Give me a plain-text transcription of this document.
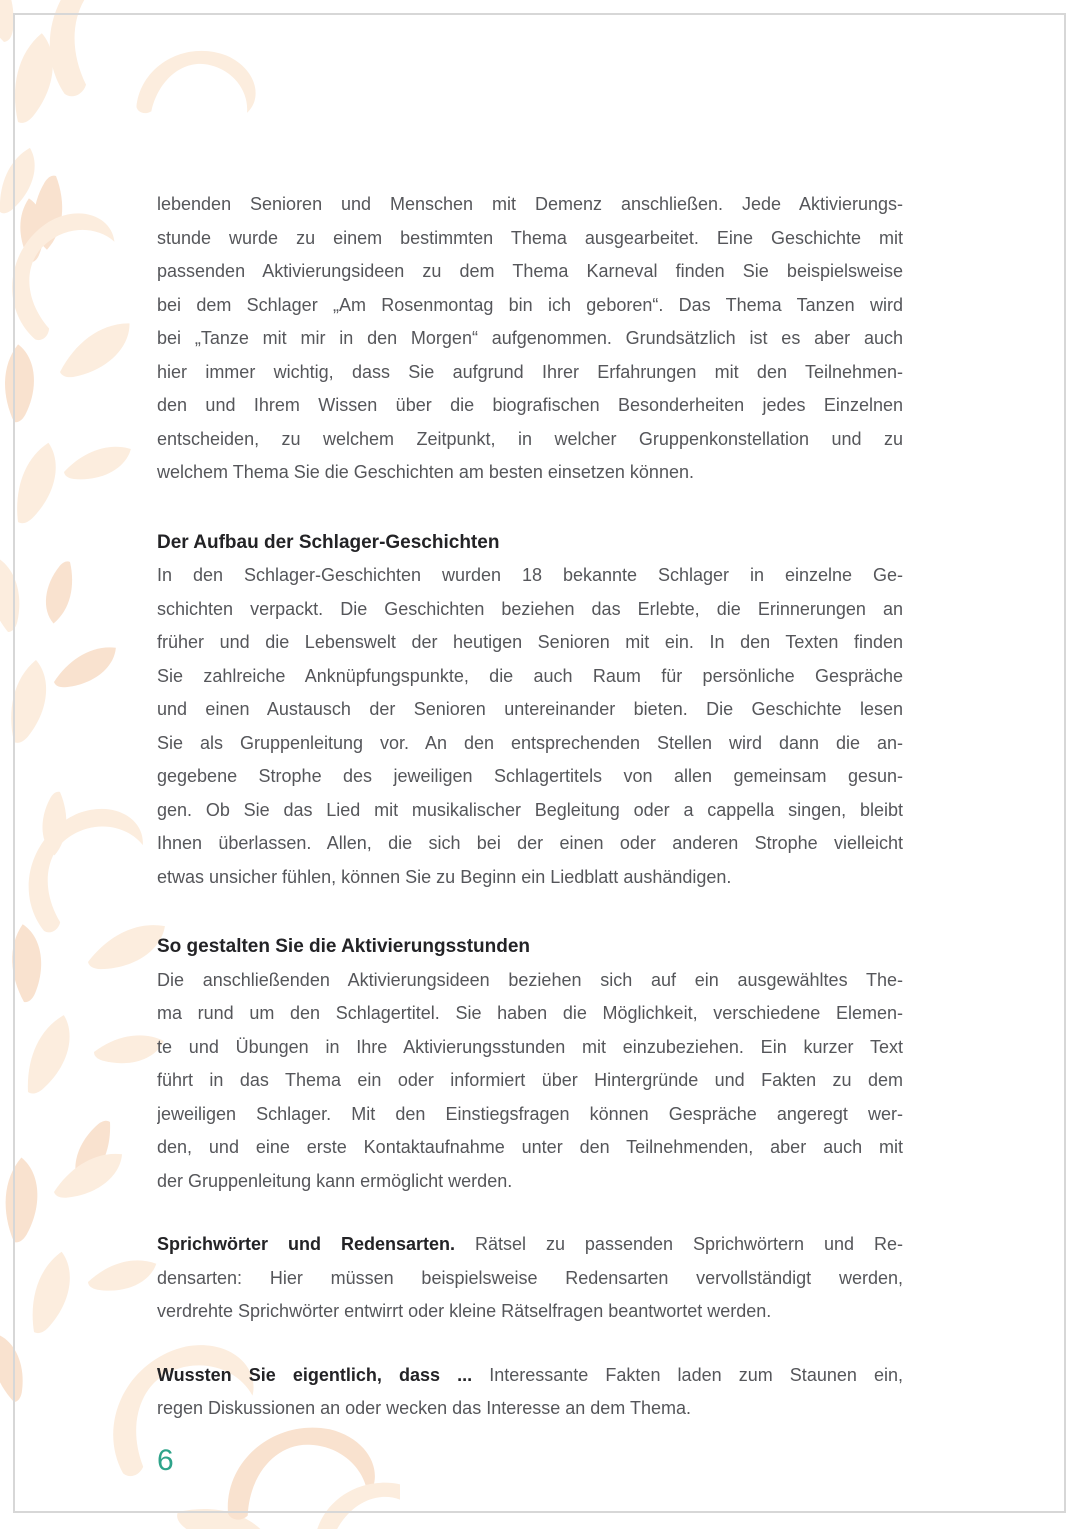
lebenden Senioren und Menschen mit Demenz anschließen. Jede Aktivierungs-
stunde wurde zu einem bestimmten Thema ausgearbeitet. Eine Geschichte mit
passenden Aktivierungsideen zu dem Thema Karneval finden Sie beispielsweise
bei dem Schlager „Am Rosenmontag bin ich geboren“. Das Thema Tanzen wird
bei „Tanze mit mir in den Morgen“ aufgenommen. Grundsätzlich ist es aber auch
hier immer wichtig, dass Sie aufgrund Ihrer Erfahrungen mit den Teilnehmen-
den und Ihrem Wissen über die biografischen Besonderheiten jedes Einzelnen
entscheiden, zu welchem Zeitpunkt, in welcher Gruppenkonstellation und zu
welchem Thema Sie die Geschichten am besten einsetzen können.
Der Aufbau der Schlager-Geschichten
In den Schlager-Geschichten wurden 18 bekannte Schlager in einzelne Ge-
schichten verpackt. Die Geschichten beziehen das Erlebte, die Erinnerungen an
früher und die Lebenswelt der heutigen Senioren mit ein. In den Texten finden
Sie zahlreiche Anknüpfungspunkte, die auch Raum für persönliche Gespräche
und einen Austausch der Senioren untereinander bieten. Die Geschichte lesen
Sie als Gruppenleitung vor. An den entsprechenden Stellen wird dann die an-
gegebene Strophe des jeweiligen Schlagertitels von allen gemeinsam gesun-
gen. Ob Sie das Lied mit musikalischer Begleitung oder a cappella singen, bleibt
Ihnen überlassen. Allen, die sich bei der einen oder anderen Strophe vielleicht
etwas unsicher fühlen, können Sie zu Beginn ein Liedblatt aushändigen.
So gestalten Sie die Aktivierungsstunden
Die anschließenden Aktivierungsideen beziehen sich auf ein ausgewähltes The-
ma rund um den Schlagertitel. Sie haben die Möglichkeit, verschiedene Elemen-
te und Übungen in Ihre Aktivierungsstunden mit einzubeziehen. Ein kurzer Text
führt in das Thema ein oder informiert über Hintergründe und Fakten zu dem
jeweiligen Schlager. Mit den Einstiegsfragen können Gespräche angeregt wer-
den, und eine erste Kontaktaufnahme unter den Teilnehmenden, aber auch mit
der Gruppenleitung kann ermöglicht werden.
Sprichwörter und Redensarten. Rätsel zu passenden Sprichwörtern und Re-
densarten: Hier müssen beispielsweise Redensarten vervollständigt werden,
verdrehte Sprichwörter entwirrt oder kleine Rätselfragen beantwortet werden.
Wussten Sie eigentlich, dass ... Interessante Fakten laden zum Staunen ein,
regen Diskussionen an oder wecken das Interesse an dem Thema.
6
